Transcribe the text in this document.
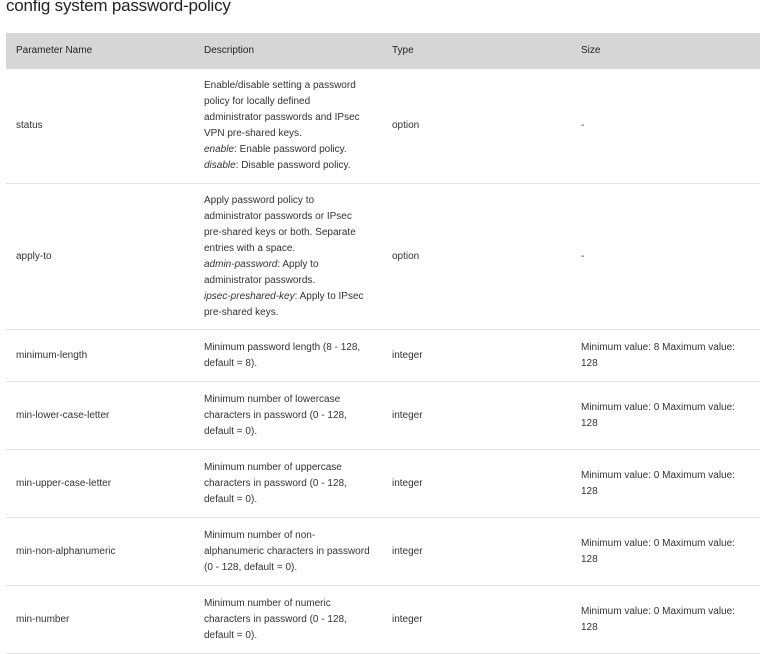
config system password-policy
Parameter Name	Description	Type	Size
status	Enable/disable setting a password policy for locally defined administrator passwords and IPsec VPN pre-shared keys.
enable: Enable password policy.
disable: Disable password policy.	option	-
apply-to	Apply password policy to administrator passwords or IPsec pre-shared keys or both. Separate entries with a space.
admin-password: Apply to administrator passwords.
ipsec-preshared-key: Apply to IPsec pre-shared keys.	option	-
minimum-length	Minimum password length (8 - 128, default = 8).	integer	Minimum value: 8 Maximum value: 128
min-lower-case-letter	Minimum number of lowercase characters in password (0 - 128, default = 0).	integer	Minimum value: 0 Maximum value: 128
min-upper-case-letter	Minimum number of uppercase characters in password (0 - 128, default = 0).	integer	Minimum value: 0 Maximum value: 128
min-non-alphanumeric	Minimum number of non-alphanumeric characters in password (0 - 128, default = 0).	integer	Minimum value: 0 Maximum value: 128
min-number	Minimum number of numeric characters in password (0 - 128, default = 0).	integer	Minimum value: 0 Maximum value: 128
